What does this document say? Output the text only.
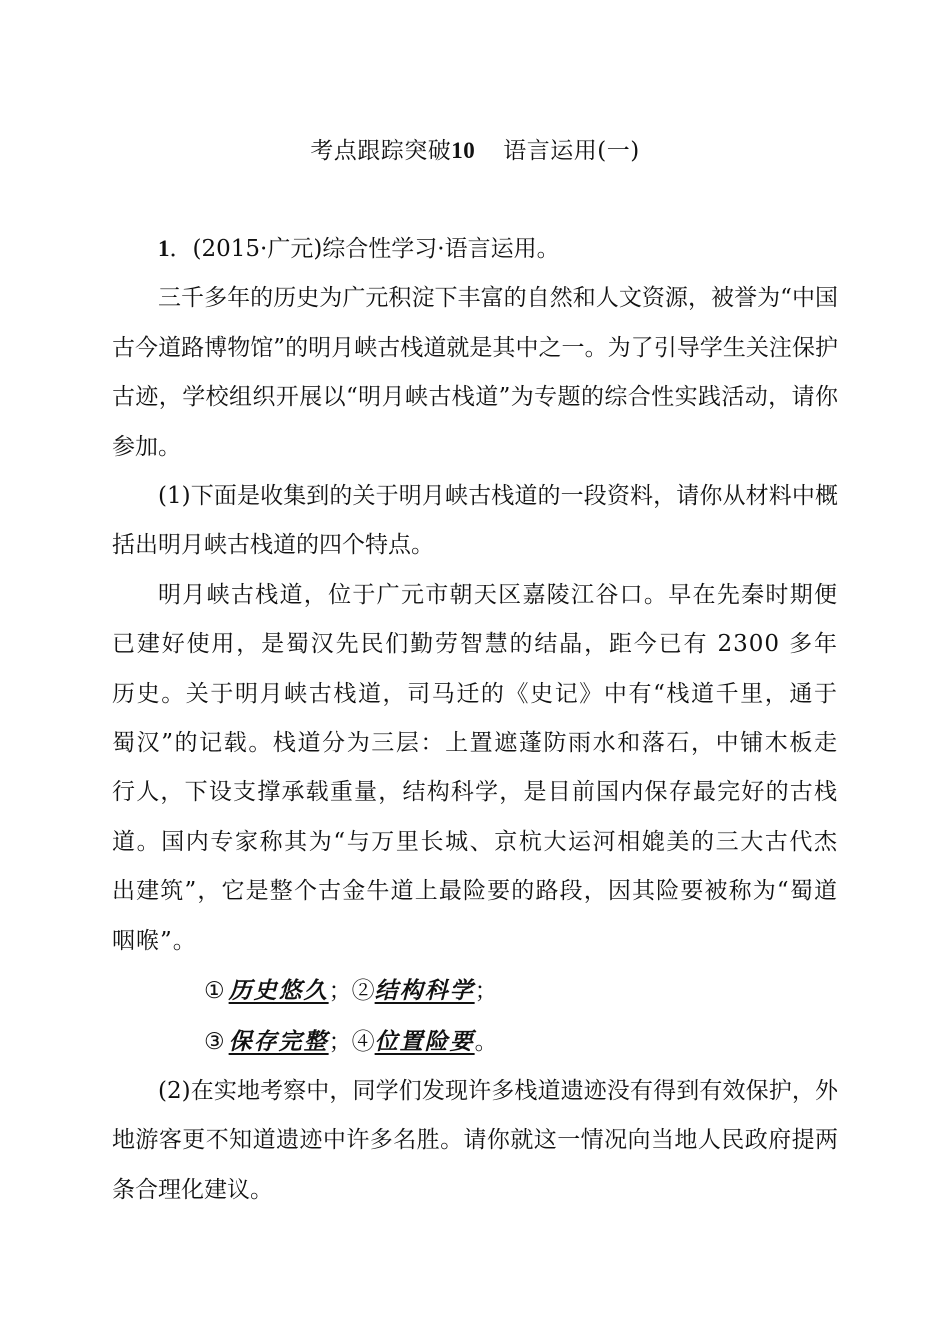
考点跟踪突破10 语言运用(一)

1．(2015·广元)综合性学习·语言运用。

三千多年的历史为广元积淀下丰富的自然和人文资源，被誉为“中国古今道路博物馆”的明月峡古栈道就是其中之一。为了引导学生关注保护古迹，学校组织开展以“明月峡古栈道”为专题的综合性实践活动，请你参加。

(1)下面是收集到的关于明月峡古栈道的一段资料，请你从材料中概括出明月峡古栈道的四个特点。

明月峡古栈道，位于广元市朝天区嘉陵江谷口。早在先秦时期便已建好使用，是蜀汉先民们勤劳智慧的结晶，距今已有 2300 多年历史。关于明月峡古栈道，司马迁的《史记》中有“栈道千里，通于蜀汉”的记载。栈道分为三层：上置遮蓬防雨水和落石，中铺木板走行人，下设支撑承载重量，结构科学，是目前国内保存最完好的古栈道。国内专家称其为“与万里长城、京杭大运河相媲美的三大古代杰出建筑”，它是整个古金牛道上最险要的路段，因其险要被称为“蜀道咽喉”。

① 历史悠久；②结构科学；

③ 保存完整；④位置险要。

(2)在实地考察中，同学们发现许多栈道遗迹没有得到有效保护，外地游客更不知道遗迹中许多名胜。请你就这一情况向当地人民政府提两条合理化建议。
